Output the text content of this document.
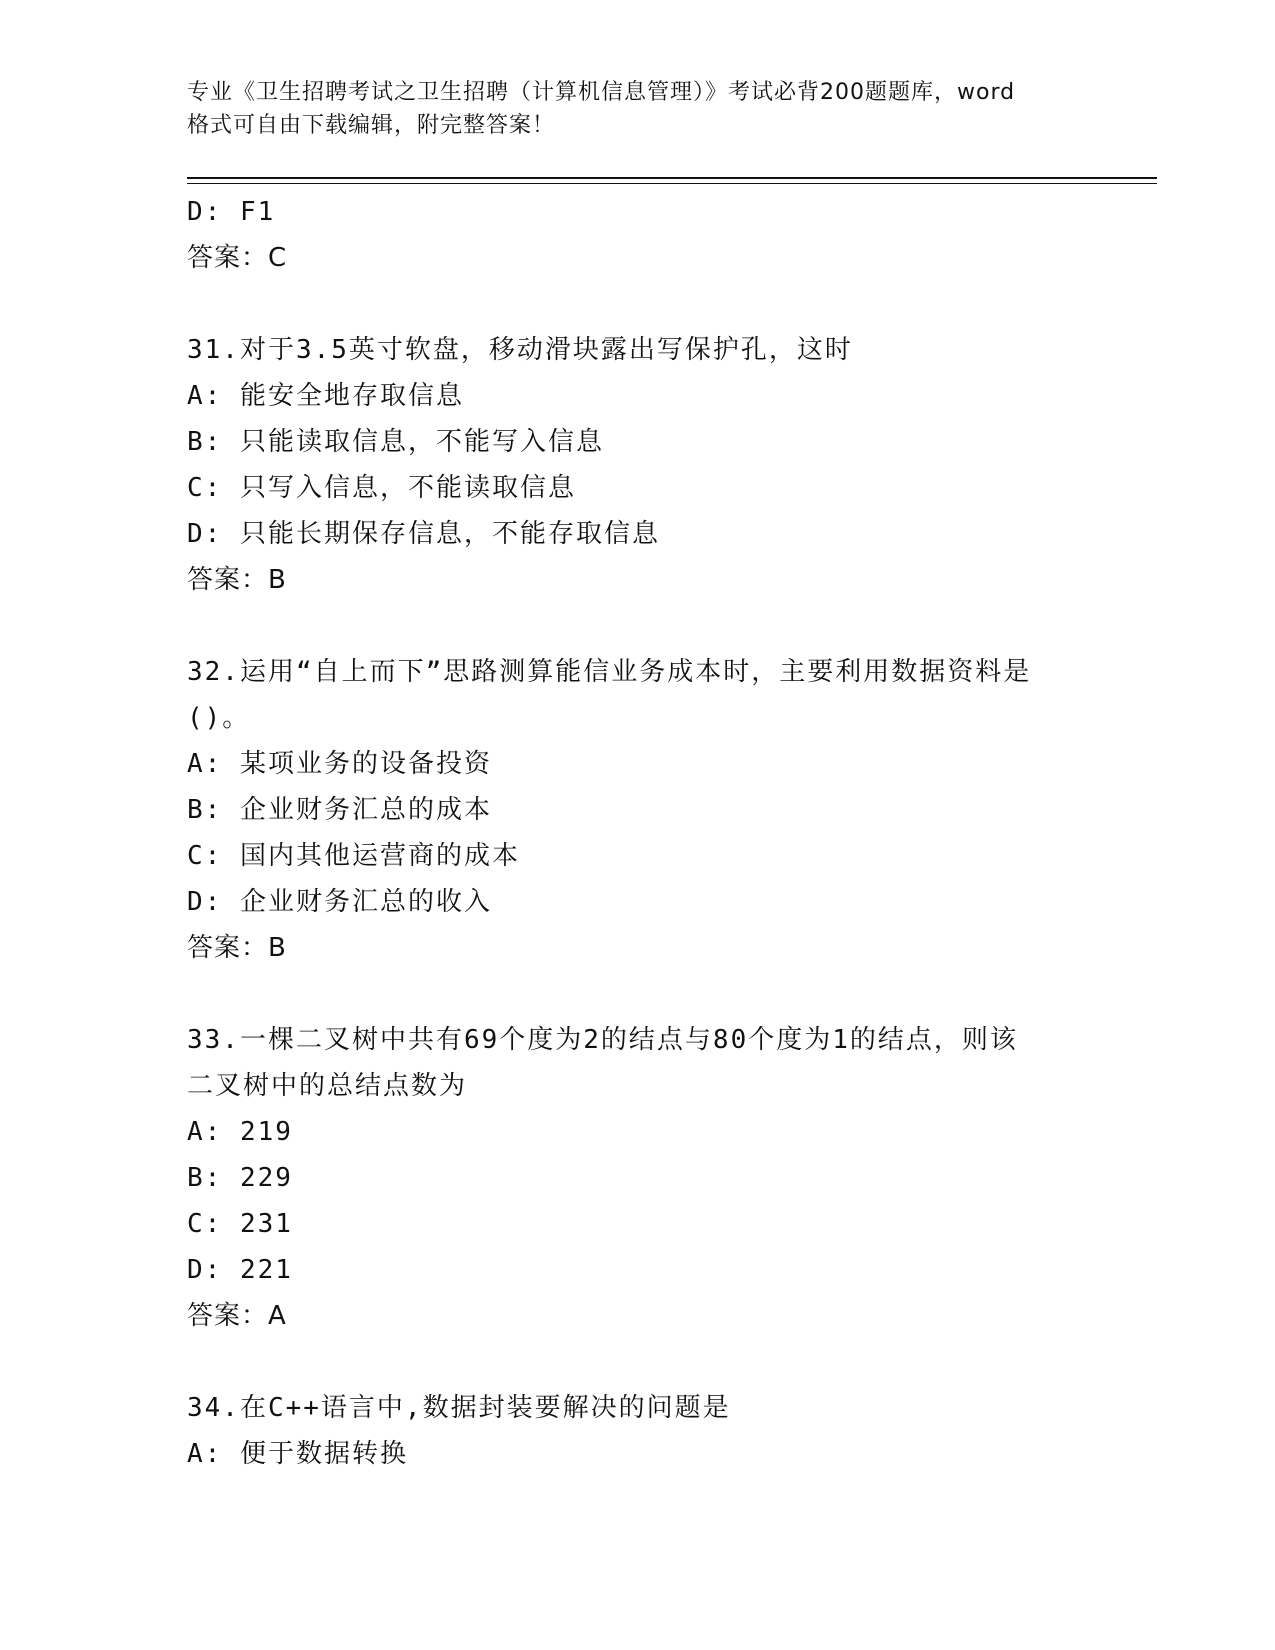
专业《卫生招聘考试之卫生招聘（计算机信息管理）》考试必背200题题库，word
格式可自由下载编辑，附完整答案！
D: F1
答案：C
31.对于3.5英寸软盘，移动滑块露出写保护孔，这时
A: 能安全地存取信息
B: 只能读取信息，不能写入信息
C: 只写入信息，不能读取信息
D: 只能长期保存信息，不能存取信息
答案：B
32.运用“自上而下”思路测算能信业务成本时，主要利用数据资料是
()。
A: 某项业务的设备投资
B: 企业财务汇总的成本
C: 国内其他运营商的成本
D: 企业财务汇总的收入
答案：B
33.一棵二叉树中共有69个度为2的结点与80个度为1的结点，则该
二叉树中的总结点数为
A: 219
B: 229
C: 231
D: 221
答案：A
34.在C++语言中,数据封装要解决的问题是
A: 便于数据转换
